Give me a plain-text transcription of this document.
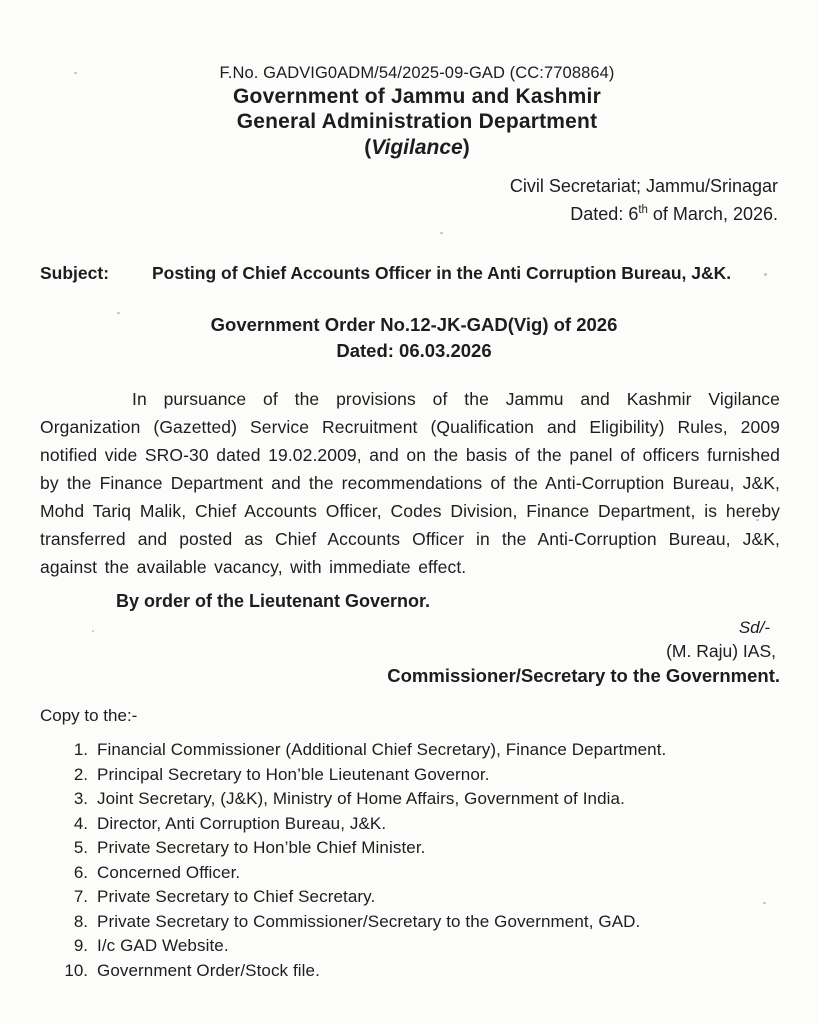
F.No. GADVIG0ADM/54/2025-09-GAD (CC:7708864)
Government of Jammu and Kashmir
General Administration Department
(Vigilance)
Civil Secretariat; Jammu/Srinagar
Dated: 6th of March, 2026.
Subject:	Posting of Chief Accounts Officer in the Anti Corruption Bureau, J&K.
Government Order No.12-JK-GAD(Vig) of 2026
Dated: 06.03.2026

In pursuance of the provisions of the Jammu and Kashmir Vigilance Organization (Gazetted) Service Recruitment (Qualification and Eligibility) Rules, 2009 notified vide SRO-30 dated 19.02.2009, and on the basis of the panel of officers furnished by the Finance Department and the recommendations of the Anti-Corruption Bureau, J&K, Mohd Tariq Malik, Chief Accounts Officer, Codes Division, Finance Department, is hereby transferred and posted as Chief Accounts Officer in the Anti-Corruption Bureau, J&K, against the available vacancy, with immediate effect.

By order of the Lieutenant Governor.
Sd/-
(M. Raju) IAS,
Commissioner/Secretary to the Government.
Copy to the:-
1. Financial Commissioner (Additional Chief Secretary), Finance Department.
2. Principal Secretary to Hon’ble Lieutenant Governor.
3. Joint Secretary, (J&K), Ministry of Home Affairs, Government of India.
4. Director, Anti Corruption Bureau, J&K.
5. Private Secretary to Hon’ble Chief Minister.
6. Concerned Officer.
7. Private Secretary to Chief Secretary.
8. Private Secretary to Commissioner/Secretary to the Government, GAD.
9. I/c GAD Website.
10. Government Order/Stock file.
